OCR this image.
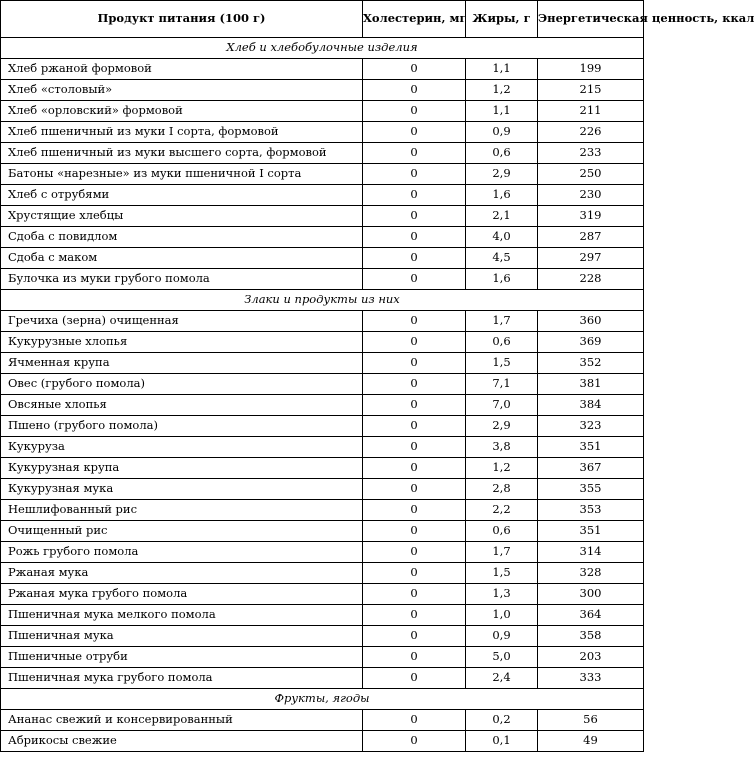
Продукт питания (100 г)	Холестерин, мг	Жиры, г	Энергетическая ценность, ккал
Хлеб и хлебобулочные изделия			
Хлеб ржаной формовой	0	1,1	199
Хлеб «столовый»	0	1,2	215
Хлеб «орловский» формовой	0	1,1	211
Хлеб пшеничный из муки I сорта, формовой	0	0,9	226
Хлеб пшеничный из муки высшего сорта, формовой	0	0,6	233
Батоны «нарезные» из муки пшеничной I сорта	0	2,9	250
Хлеб с отрубями	0	1,6	230
Хрустящие хлебцы	0	2,1	319
Сдоба с повидлом	0	4,0	287
Сдоба с маком	0	4,5	297
Булочка из муки грубого помола	0	1,6	228
Злаки и продукты из них			
Гречиха (зерна) очищенная	0	1,7	360
Кукурузные хлопья	0	0,6	369
Ячменная крупа	0	1,5	352
Овес (грубого помола)	0	7,1	381
Овсяные хлопья	0	7,0	384
Пшено (грубого помола)	0	2,9	323
Кукуруза	0	3,8	351
Кукурузная крупа	0	1,2	367
Кукурузная мука	0	2,8	355
Нешлифованный рис	0	2,2	353
Очищенный рис	0	0,6	351
Рожь грубого помола	0	1,7	314
Ржаная мука	0	1,5	328
Ржаная мука грубого помола	0	1,3	300
Пшеничная мука мелкого помола	0	1,0	364
Пшеничная мука	0	0,9	358
Пшеничные отруби	0	5,0	203
Пшеничная мука грубого помола	0	2,4	333
Фрукты, ягоды			
Ананас свежий и консервированный	0	0,2	56
Абрикосы свежие	0	0,1	49
